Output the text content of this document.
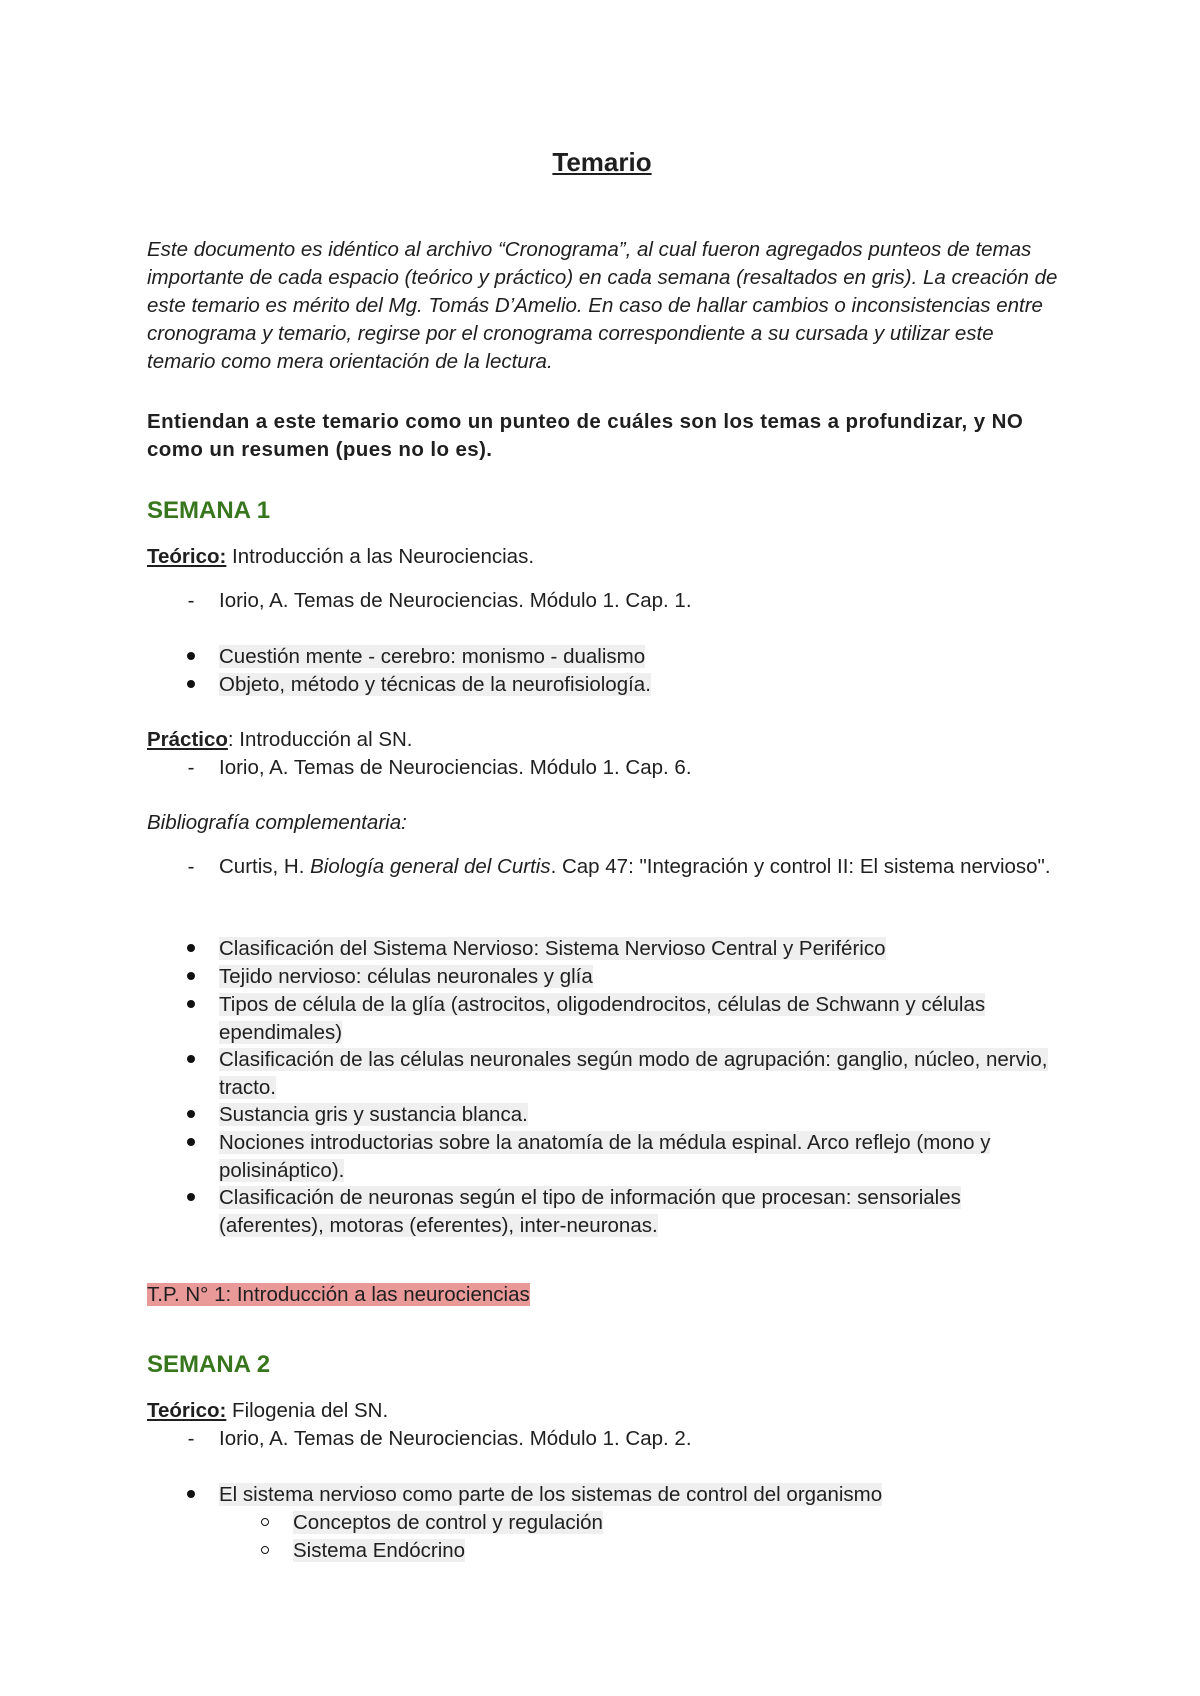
Temario
Este documento es idéntico al archivo “Cronograma”, al cual fueron agregados punteos de temas importante de cada espacio (teórico y práctico) en cada semana (resaltados en gris). La creación de este temario es mérito del Mg. Tomás D’Amelio. En caso de hallar cambios o inconsistencias entre cronograma y temario, regirse por el cronograma correspondiente a su cursada y utilizar este temario como mera orientación de la lectura.
Entiendan a este temario como un punteo de cuáles son los temas a profundizar, y NO como un resumen (pues no lo es).
SEMANA 1
Teórico: Introducción a las Neurociencias.
-	Iorio, A. Temas de Neurociencias. Módulo 1. Cap. 1.
Cuestión mente - cerebro: monismo - dualismo
Objeto, método y técnicas de la neurofisiología.
Práctico: Introducción al SN.
-	Iorio, A. Temas de Neurociencias. Módulo 1. Cap. 6.
Bibliografía complementaria:
-	Curtis, H. Biología general del Curtis. Cap 47: "Integración y control II: El sistema nervioso".
Clasificación del Sistema Nervioso: Sistema Nervioso Central y Periférico
Tejido nervioso: células neuronales y glía
Tipos de célula de la glía (astrocitos, oligodendrocitos, células de Schwann y células ependimales)
Clasificación de las células neuronales según modo de agrupación: ganglio, núcleo, nervio, tracto.
Sustancia gris y sustancia blanca.
Nociones introductorias sobre la anatomía de la médula espinal. Arco reflejo (mono y polisináptico).
Clasificación de neuronas según el tipo de información que procesan: sensoriales (aferentes), motoras (eferentes), inter-neuronas.
T.P. N° 1: Introducción a las neurociencias
SEMANA 2
Teórico: Filogenia del SN.
-	Iorio, A. Temas de Neurociencias. Módulo 1. Cap. 2.
El sistema nervioso como parte de los sistemas de control del organismo
Conceptos de control y regulación
Sistema Endócrino
